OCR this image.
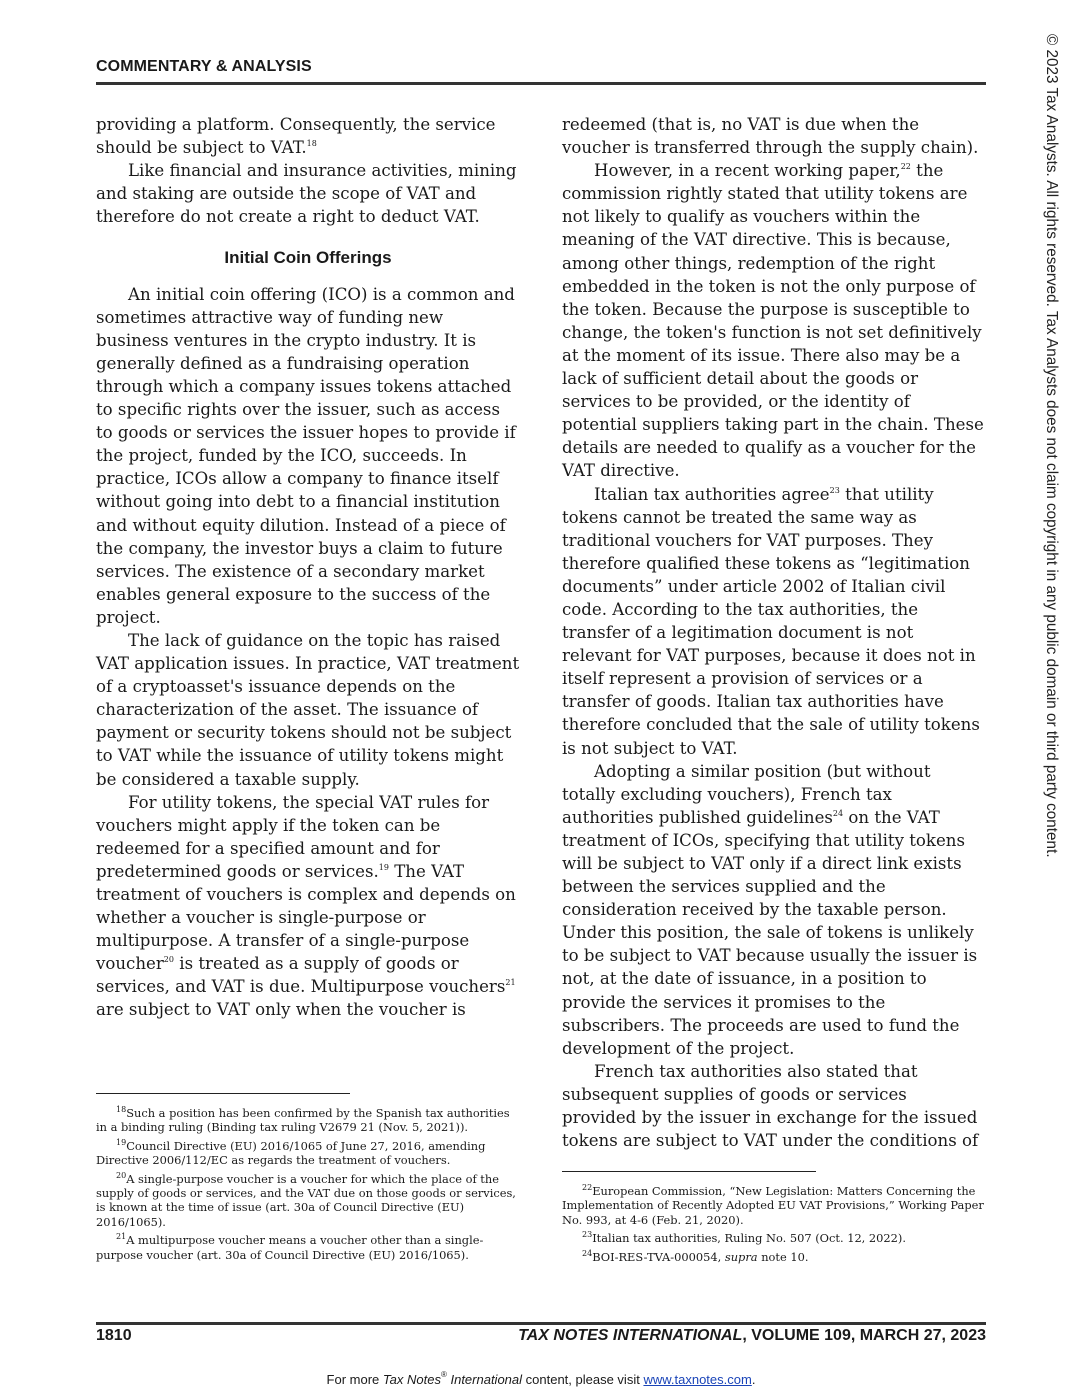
COMMENTARY & ANALYSIS

providing a platform. Consequently, the service should be subject to VAT.$^{18}$

Like financial and insurance activities, mining and staking are outside the scope of VAT and therefore do not create a right to deduct VAT.

Initial Coin Offerings

An initial coin offering (ICO) is a common and sometimes attractive way of funding new business ventures in the crypto industry. It is generally defined as a fundraising operation through which a company issues tokens attached to specific rights over the issuer, such as access to goods or services the issuer hopes to provide if the project, funded by the ICO, succeeds. In practice, ICOs allow a company to finance itself without going into debt to a financial institution and without equity dilution. Instead of a piece of the company, the investor buys a claim to future services. The existence of a secondary market enables general exposure to the success of the project.

The lack of guidance on the topic has raised VAT application issues. In practice, VAT treatment of a cryptoasset's issuance depends on the characterization of the asset. The issuance of payment or security tokens should not be subject to VAT while the issuance of utility tokens might be considered a taxable supply.

For utility tokens, the special VAT rules for vouchers might apply if the token can be redeemed for a specified amount and for predetermined goods or services.$^{19}$ The VAT treatment of vouchers is complex and depends on whether a voucher is single-purpose or multipurpose. A transfer of a single-purpose voucher$^{20}$ is treated as a supply of goods or services, and VAT is due. Multipurpose vouchers$^{21}$ are subject to VAT only when the voucher is

redeemed (that is, no VAT is due when the voucher is transferred through the supply chain).

However, in a recent working paper,$^{22}$ the commission rightly stated that utility tokens are not likely to qualify as vouchers within the meaning of the VAT directive. This is because, among other things, redemption of the right embedded in the token is not the only purpose of the token. Because the purpose is susceptible to change, the token's function is not set definitively at the moment of its issue. There also may be a lack of sufficient detail about the goods or services to be provided, or the identity of potential suppliers taking part in the chain. These details are needed to qualify as a voucher for the VAT directive.

Italian tax authorities agree$^{23}$ that utility tokens cannot be treated the same way as traditional vouchers for VAT purposes. They therefore qualified these tokens as “legitimation documents” under article 2002 of Italian civil code. According to the tax authorities, the transfer of a legitimation document is not relevant for VAT purposes, because it does not in itself represent a provision of services or a transfer of goods. Italian tax authorities have therefore concluded that the sale of utility tokens is not subject to VAT.

Adopting a similar position (but without totally excluding vouchers), French tax authorities published guidelines$^{24}$ on the VAT treatment of ICOs, specifying that utility tokens will be subject to VAT only if a direct link exists between the services supplied and the consideration received by the taxable person. Under this position, the sale of tokens is unlikely to be subject to VAT because usually the issuer is not, at the date of issuance, in a position to provide the services it promises to the subscribers. The proceeds are used to fund the development of the project.

French tax authorities also stated that subsequent supplies of goods or services provided by the issuer in exchange for the issued tokens are subject to VAT under the conditions of

$^{18}$Such a position has been confirmed by the Spanish tax authorities in a binding ruling (Binding tax ruling V2679 21 (Nov. 5, 2021)).

$^{19}$Council Directive (EU) 2016/1065 of June 27, 2016, amending Directive 2006/112/EC as regards the treatment of vouchers.

$^{20}$A single-purpose voucher is a voucher for which the place of the supply of goods or services, and the VAT due on those goods or services, is known at the time of issue (art. 30a of Council Directive (EU) 2016/1065).

$^{21}$A multipurpose voucher means a voucher other than a single-purpose voucher (art. 30a of Council Directive (EU) 2016/1065).

$^{22}$European Commission, “New Legislation: Matters Concerning the Implementation of Recently Adopted EU VAT Provisions,” Working Paper No. 993, at 4-6 (Feb. 21, 2020).

$^{23}$Italian tax authorities, Ruling No. 507 (Oct. 12, 2022).

$^{24}$BOI-RES-TVA-000054, supra note 10.

1810	TAX NOTES INTERNATIONAL, VOLUME 109, MARCH 27, 2023
For more Tax Notes® International content, please visit www.taxnotes.com.
© 2023 Tax Analysts. All rights reserved. Tax Analysts does not claim copyright in any public domain or third party content.
